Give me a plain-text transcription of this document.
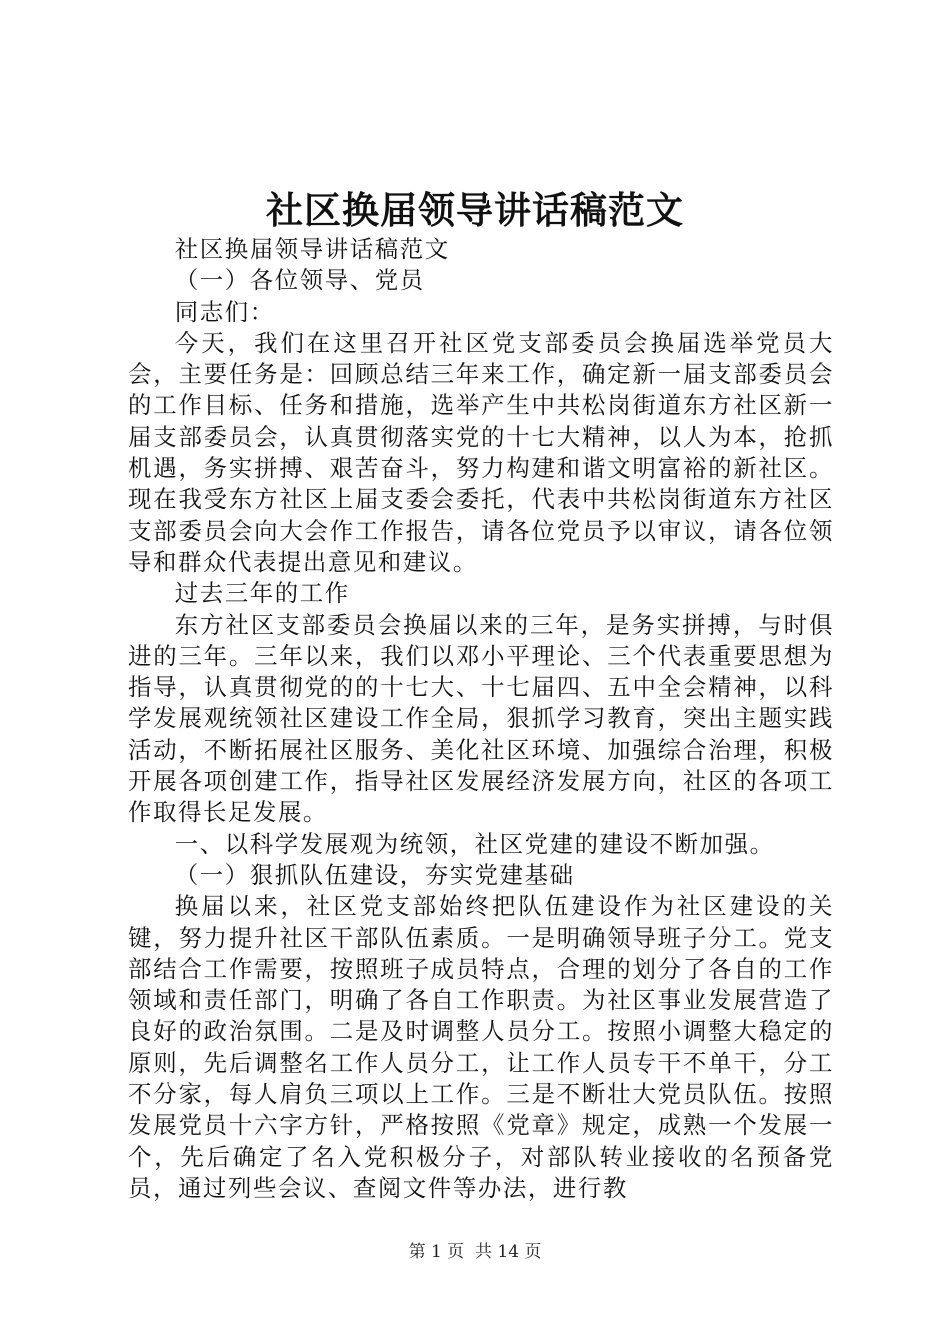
社区换届领导讲话稿范文

社区换届领导讲话稿范文

（一）各位领导、党员

同志们：

今天，我们在这里召开社区党支部委员会换届选举党员大会，主要任务是：回顾总结三年来工作，确定新一届支部委员会的工作目标、任务和措施，选举产生中共松岗街道东方社区新一届支部委员会，认真贯彻落实党的十七大精神，以人为本，抢抓机遇，务实拼搏、艰苦奋斗，努力构建和谐文明富裕的新社区。现在我受东方社区上届支委会委托，代表中共松岗街道东方社区支部委员会向大会作工作报告，请各位党员予以审议，请各位领导和群众代表提出意见和建议。

过去三年的工作

东方社区支部委员会换届以来的三年，是务实拼搏，与时俱进的三年。三年以来，我们以邓小平理论、三个代表重要思想为指导，认真贯彻党的的十七大、十七届四、五中全会精神，以科学发展观统领社区建设工作全局，狠抓学习教育，突出主题实践活动，不断拓展社区服务、美化社区环境、加强综合治理，积极开展各项创建工作，指导社区发展经济发展方向，社区的各项工作取得长足发展。

一、以科学发展观为统领，社区党建的建设不断加强。

（一）狠抓队伍建设，夯实党建基础

换届以来，社区党支部始终把队伍建设作为社区建设的关键，努力提升社区干部队伍素质。一是明确领导班子分工。党支部结合工作需要，按照班子成员特点，合理的划分了各自的工作领域和责任部门，明确了各自工作职责。为社区事业发展营造了良好的政治氛围。二是及时调整人员分工。按照小调整大稳定的原则，先后调整名工作人员分工，让工作人员专干不单干，分工不分家，每人肩负三项以上工作。三是不断壮大党员队伍。按照发展党员十六字方针，严格按照《党章》规定，成熟一个发展一个，先后确定了名入党积极分子，对部队转业接收的名预备党员，通过列些会议、查阅文件等办法，进行教

第 1 页  共 14 页
